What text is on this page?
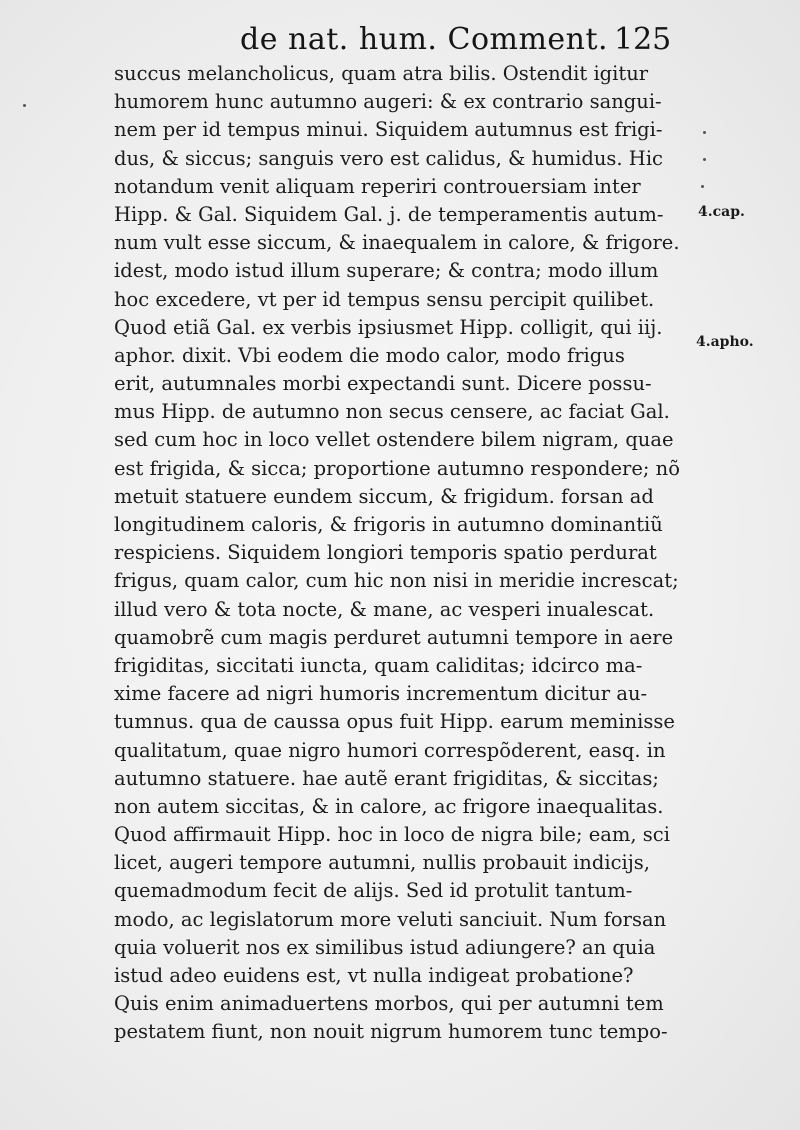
de nat. hum. Comment. 125
succus melancholicus, quam atra bilis. Ostendit igitur
humorem hunc autumno augeri: & ex contrario sangui-
nem per id tempus minui. Siquidem autumnus est frigi-
dus, & siccus; sanguis vero est calidus, & humidus. Hic
notandum venit aliquam reperiri controuersiam inter
Hipp. & Gal. Siquidem Gal. j. de temperamentis autum-
num vult esse siccum, & inaequalem in calore, & frigore.
idest, modo istud illum superare; & contra; modo illum
hoc excedere, vt per id tempus sensu percipit quilibet.
Quod etiã Gal. ex verbis ipsiusmet Hipp. colligit, qui iij.
aphor. dixit. Vbi eodem die modo calor, modo frigus
erit, autumnales morbi expectandi sunt. Dicere possu-
mus Hipp. de autumno non secus censere, ac faciat Gal.
sed cum hoc in loco vellet ostendere bilem nigram, quae
est frigida, & sicca; proportione autumno respondere; nõ
metuit statuere eundem siccum, & frigidum. forsan ad
longitudinem caloris, & frigoris in autumno dominantiũ
respiciens. Siquidem longiori temporis spatio perdurat
frigus, quam calor, cum hic non nisi in meridie increscat;
illud vero & tota nocte, & mane, ac vesperi inualescat.
quamobrẽ cum magis perduret autumni tempore in aere
frigiditas, siccitati iuncta, quam caliditas; idcirco ma-
xime facere ad nigri humoris incrementum dicitur au-
tumnus. qua de caussa opus fuit Hipp. earum meminisse
qualitatum, quae nigro humori correspõderent, easq. in
autumno statuere. hae autẽ erant frigiditas, & siccitas;
non autem siccitas, & in calore, ac frigore inaequalitas.
Quod affirmauit Hipp. hoc in loco de nigra bile; eam, sci
licet, augeri tempore autumni, nullis probauit indicijs,
quemadmodum fecit de alijs. Sed id protulit tantum-
modo, ac legislatorum more veluti sanciuit. Num forsan
quia voluerit nos ex similibus istud adiungere? an quia
istud adeo euidens est, vt nulla indigeat probatione?
Quis enim animaduertens morbos, qui per autumni tem
pestatem fiunt, non nouit nigrum humorem tunc tempo-
4.cap.
4.apho.
